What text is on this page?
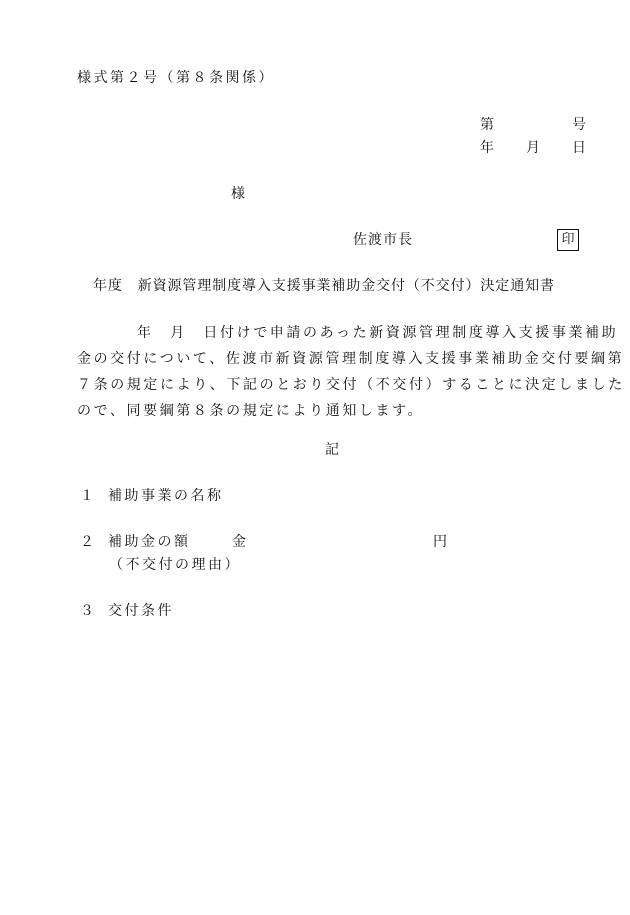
様式第２号（第８条関係）
第	号
年 月 日
様
佐渡市長	印
年度　新資源管理制度導入支援事業補助金交付（不交付）決定通知書
年　月　日付けで申請のあった新資源管理制度導入支援事業補助
金の交付について、佐渡市新資源管理制度導入支援事業補助金交付要綱第
７条の規定により、下記のとおり交付（不交付）することに決定しました
ので、同要綱第８条の規定により通知します。
記
１ 補助事業の名称
２ 補助金の額	金	円
（不交付の理由）
３ 交付条件
